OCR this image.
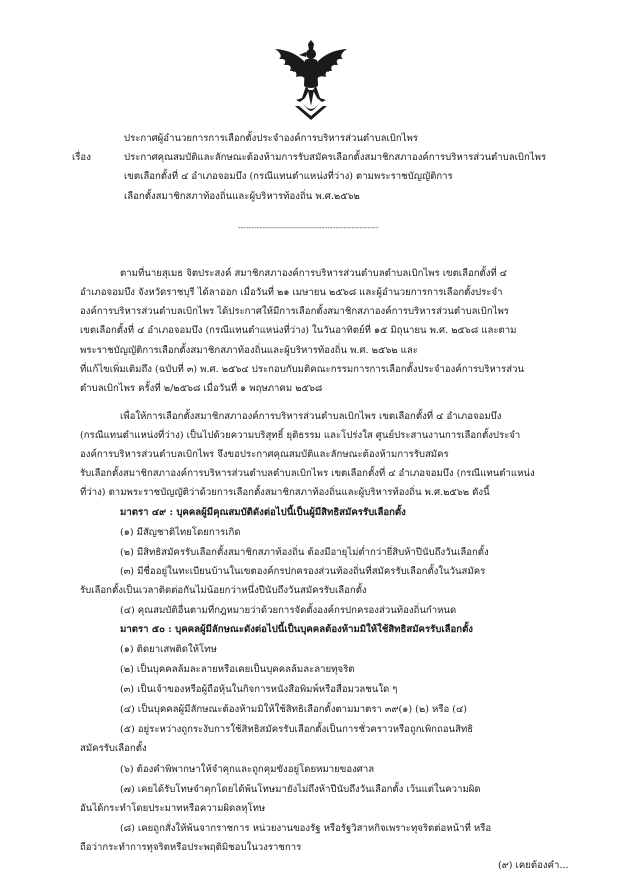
ประกาศผู้อำนวยการการเลือกตั้งประจำองค์การบริหารส่วนตำบลเบิกไพร
เรื่อง	ประกาศคุณสมบัติและลักษณะต้องห้ามการรับสมัครเลือกตั้งสมาชิกสภาองค์การบริหารส่วนตำบลเบิกไพร
เขตเลือกตั้งที่ ๔ อำเภอจอมบึง (กรณีแทนตำแหน่งที่ว่าง) ตามพระราชบัญญัติการ
เลือกตั้งสมาชิกสภาท้องถิ่นและผู้บริหารท้องถิ่น พ.ศ.๒๕๖๒
----------------------------------------------------
ตามที่นายสุเมธ จิตประสงค์ สมาชิกสภาองค์การบริหารส่วนตำบลตำบลเบิกไพร เขตเลือกตั้งที่ ๔
อำเภอจอมบึง จังหวัดราชบุรี ได้ลาออก เมื่อวันที่ ๒๑ เมษายน ๒๕๖๘ และผู้อำนวยการการเลือกตั้งประจำ
องค์การบริหารส่วนตำบลเบิกไพร ได้ประกาศให้มีการเลือกตั้งสมาชิกสภาองค์การบริหารส่วนตำบลเบิกไพร
เขตเลือกตั้งที่ ๔ อำเภอจอมบึง (กรณีแทนตำแหน่งที่ว่าง) ในวันอาทิตย์ที่ ๑๕ มิถุนายน พ.ศ. ๒๕๖๘ และตาม
พระราชบัญญัติการเลือกตั้งสมาชิกสภาท้องถิ่นและผู้บริหารท้องถิ่น พ.ศ. ๒๕๖๒ และ
ที่แก้ไขเพิ่มเติมถึง (ฉบับที่ ๓) พ.ศ. ๒๕๖๔ ประกอบกับมติคณะกรรมการการเลือกตั้งประจำองค์การบริหารส่วน
ตำบลเบิกไพร ครั้งที่ ๒/๒๕๖๘ เมื่อวันที่ ๑ พฤษภาคม ๒๕๖๘
เพื่อให้การเลือกตั้งสมาชิกสภาองค์การบริหารส่วนตำบลเบิกไพร เขตเลือกตั้งที่ ๔ อำเภอจอมบึง
(กรณีแทนตำแหน่งที่ว่าง) เป็นไปด้วยความบริสุทธิ์ ยุติธรรม และโปร่งใส ศูนย์ประสานงานการเลือกตั้งประจำ
องค์การบริหารส่วนตำบลเบิกไพร จึงขอประกาศคุณสมบัติและลักษณะต้องห้ามการรับสมัคร
รับเลือกตั้งสมาชิกสภาองค์การบริหารส่วนตำบลตำบลเบิกไพร เขตเลือกตั้งที่ ๔ อำเภอจอมบึง (กรณีแทนตำแหน่ง
ที่ว่าง) ตามพระราชบัญญัติว่าด้วยการเลือกตั้งสมาชิกสภาท้องถิ่นและผู้บริหารท้องถิ่น พ.ศ.๒๕๖๒ ดังนี้
มาตรา ๔๙ : บุคคลผู้มีคุณสมบัติดังต่อไปนี้เป็นผู้มีสิทธิสมัครรับเลือกตั้ง
(๑) มีสัญชาติไทยโดยการเกิด
(๒) มีสิทธิสมัครรับเลือกตั้งสมาชิกสภาท้องถิ่น ต้องมีอายุไม่ต่ำกว่ายี่สิบห้าปีนับถึงวันเลือกตั้ง
(๓) มีชื่ออยู่ในทะเบียนบ้านในเขตองค์กรปกครองส่วนท้องถิ่นที่สมัครรับเลือกตั้งในวันสมัคร
รับเลือกตั้งเป็นเวลาติดต่อกันไม่น้อยกว่าหนึ่งปีนับถึงวันสมัครรับเลือกตั้ง
(๔) คุณสมบัติอื่นตามที่กฎหมายว่าด้วยการจัดตั้งองค์กรปกครองส่วนท้องถิ่นกำหนด
มาตรา ๕๐ : บุคคลผู้มีลักษณะดังต่อไปนี้เป็นบุคคลต้องห้ามมิให้ใช้สิทธิสมัครรับเลือกตั้ง
(๑) ติดยาเสพติดให้โทษ
(๒) เป็นบุคคลล้มละลายหรือเคยเป็นบุคคลล้มละลายทุจริต
(๓) เป็นเจ้าของหรือผู้ถือหุ้นในกิจการหนังสือพิมพ์หรือสื่อมวลชนใด ๆ
(๔) เป็นบุคคลผู้มีลักษณะต้องห้ามมิให้ใช้สิทธิเลือกตั้งตามมาตรา ๓๙(๑) (๒) หรือ (๔)
(๕) อยู่ระหว่างถูกระงับการใช้สิทธิสมัครรับเลือกตั้งเป็นการชั่วคราวหรือถูกเพิกถอนสิทธิ
สมัครรับเลือกตั้ง
(๖) ต้องคำพิพากษาให้จำคุกและถูกคุมขังอยู่โดยหมายของศาล
(๗) เคยได้รับโทษจำคุกโดยได้พ้นโทษมายังไม่ถึงห้าปีนับถึงวันเลือกตั้ง เว้นแต่ในความผิด
อันได้กระทำโดยประมาทหรือความผิดลหุโทษ
(๘) เคยถูกสั่งให้พ้นจากราชการ หน่วยงานของรัฐ หรือรัฐวิสาหกิจเพราะทุจริตต่อหน้าที่ หรือ
ถือว่ากระทำการทุจริตหรือประพฤติมิชอบในวงราชการ
(๙) เคยต้องคำ...
